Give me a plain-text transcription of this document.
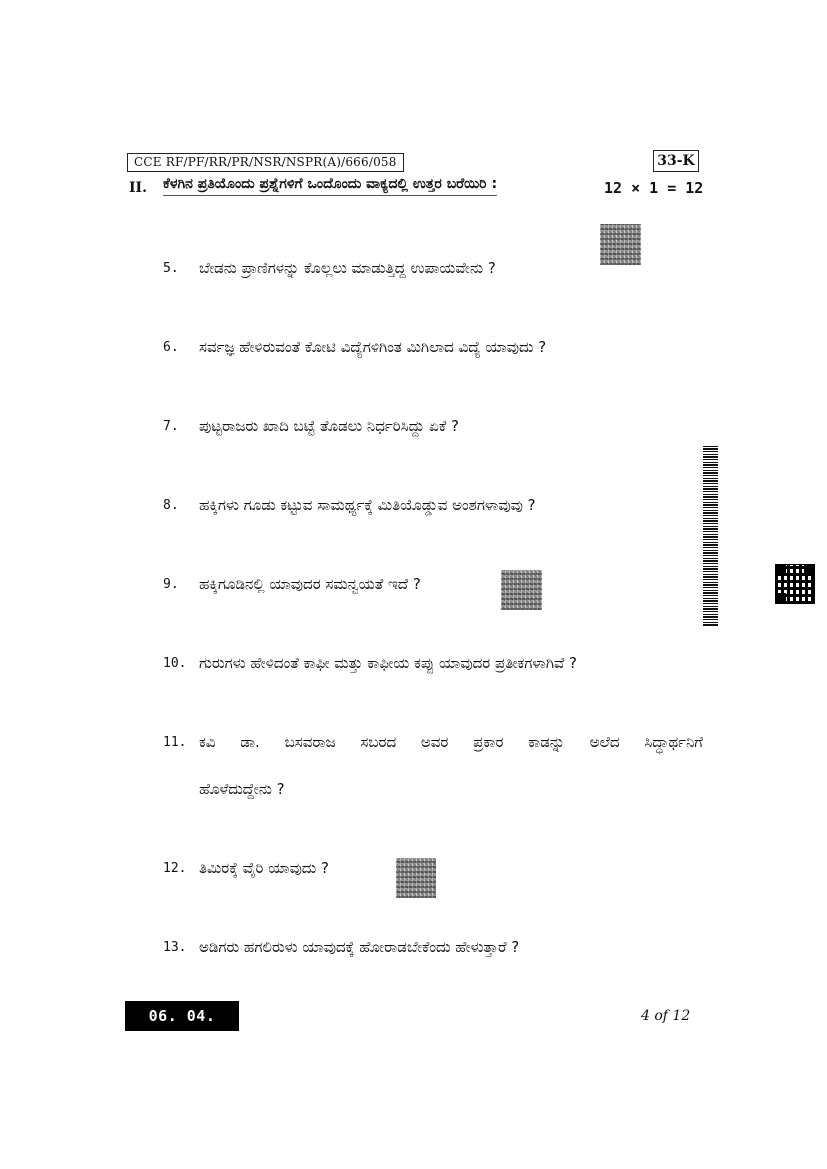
CCE RF/PF/RR/PR/NSR/NSPR(A)/666/058	33-K
II. ಕೆಳಗಿನ ಪ್ರತಿಯೊಂದು ಪ್ರಶ್ನೆಗಳಿಗೆ ಒಂದೊಂದು ವಾಕ್ಯದಲ್ಲಿ ಉತ್ತರ ಬರೆಯಿರಿ :	12 × 1 = 12
5.	ಬೇಡನು ಪ್ರಾಣಿಗಳನ್ನು ಕೊಲ್ಲಲು ಮಾಡುತ್ತಿದ್ದ ಉಪಾಯವೇನು ?
6.	ಸರ್ವಜ್ಞ ಹೇಳಿರುವಂತೆ ಕೋಟಿ ವಿದ್ಯೆಗಳಿಗಿಂತ ಮಿಗಿಲಾದ ವಿದ್ಯೆ ಯಾವುದು ?
7.	ಪುಟ್ಟರಾಜರು ಖಾದಿ ಬಟ್ಟೆ ತೊಡಲು ನಿರ್ಧರಿಸಿದ್ದು ಏಕೆ ?
8.	ಹಕ್ಕಿಗಳು ಗೂಡು ಕಟ್ಟುವ ಸಾಮರ್ಥ್ಯಕ್ಕೆ ಮಿತಿಯೊಡ್ಡುವ ಅಂಶಗಳಾವುವು ?
9.	ಹಕ್ಕಿಗೂಡಿನಲ್ಲಿ ಯಾವುದರ ಸಮನ್ವಯತೆ ಇದೆ ?
10. ಗುರುಗಳು ಹೇಳಿದಂತೆ ಕಾಫೀ ಮತ್ತು ಕಾಫೀಯ ಕಪ್ಪು ಯಾವುದರ ಪ್ರತೀಕಗಳಾಗಿವೆ ?
11. ಕವಿ ಡಾ. ಬಸವರಾಜ ಸಬರದ ಅವರ ಪ್ರಕಾರ ಕಾಡನ್ನು ಅಲೆದ ಸಿದ್ಧಾರ್ಥನಿಗೆ
ಹೊಳೆದುದ್ದೇನು ?
12. ತಿಮಿರಕ್ಕೆ ವೈರಿ ಯಾವುದು ?
13. ಅಡಿಗರು ಹಗಲಿರುಳು ಯಾವುದಕ್ಕೆ ಹೋರಾಡಬೇಕೆಂದು ಹೇಳುತ್ತಾರೆ ?
06. 04. 2024
4 of 12
